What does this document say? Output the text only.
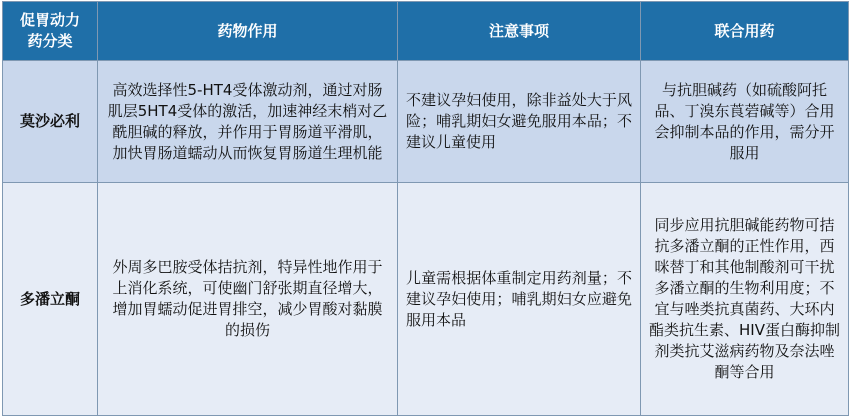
促胃动力药分类	药物作用	注意事项	联合用药

莫沙必利	高效选择性5-HT4受体激动剂，通过对肠肌层5HT4受体的激活，加速神经末梢对乙酰胆碱的释放，并作用于胃肠道平滑肌，加快胃肠道蠕动从而恢复胃肠道生理机能	不建议孕妇使用，除非益处大于风险；哺乳期妇女避免服用本品；不建议儿童使用	与抗胆碱药（如硫酸阿托品、丁溴东莨菪碱等）合用会抑制本品的作用，需分开服用

多潘立酮	外周多巴胺受体拮抗剂，特异性地作用于上消化系统，可使幽门舒张期直径增大，增加胃蠕动促进胃排空，减少胃酸对黏膜的损伤	儿童需根据体重制定用药剂量；不建议孕妇使用；哺乳期妇女应避免服用本品	同步应用抗胆碱能药物可拮抗多潘立酮的正性作用，西咪替丁和其他制酸剂可干扰多潘立酮的生物利用度；不宜与唑类抗真菌药、大环内酯类抗生素、HIV蛋白酶抑制剂类抗艾滋病药物及奈法唑酮等合用
